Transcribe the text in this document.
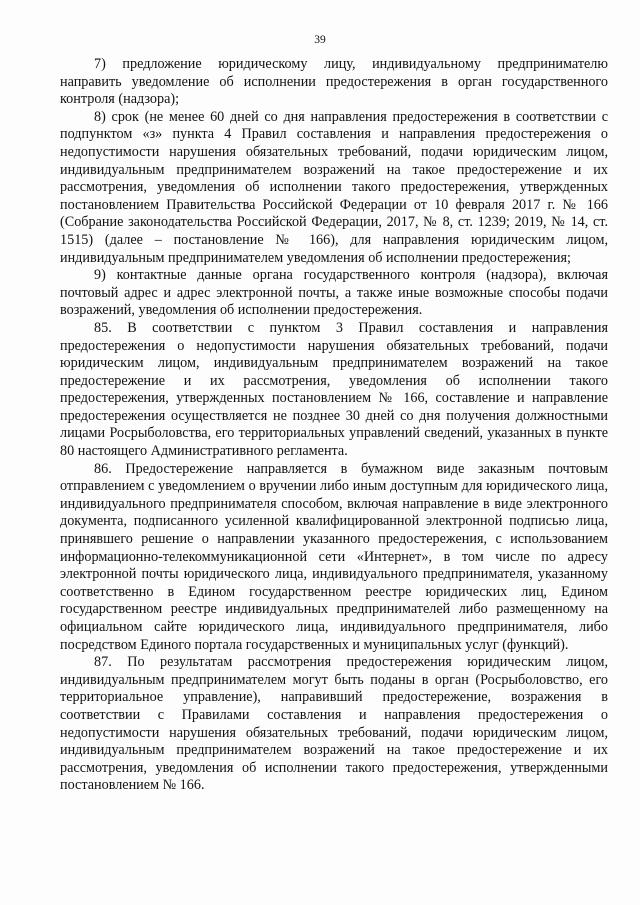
39

7) предложение юридическому лицу, индивидуальному предпринимателю направить уведомление об исполнении предостережения в орган государственного контроля (надзора);

8) срок (не менее 60 дней со дня направления предостережения в соответствии с подпунктом «з» пункта 4 Правил составления и направления предостережения о недопустимости нарушения обязательных требований, подачи юридическим лицом, индивидуальным предпринимателем возражений на такое предостережение и их рассмотрения, уведомления об исполнении такого предостережения, утвержденных постановлением Правительства Российской Федерации от 10 февраля 2017 г. № 166 (Собрание законодательства Российской Федерации, 2017, № 8, ст. 1239; 2019, № 14, ст. 1515) (далее – постановление № 166), для направления юридическим лицом, индивидуальным предпринимателем уведомления об исполнении предостережения;

9) контактные данные органа государственного контроля (надзора), включая почтовый адрес и адрес электронной почты, а также иные возможные способы подачи возражений, уведомления об исполнении предостережения.

85. В соответствии с пунктом 3 Правил составления и направления предостережения о недопустимости нарушения обязательных требований, подачи юридическим лицом, индивидуальным предпринимателем возражений на такое предостережение и их рассмотрения, уведомления об исполнении такого предостережения, утвержденных постановлением № 166, составление и направление предостережения осуществляется не позднее 30 дней со дня получения должностными лицами Росрыболовства, его территориальных управлений сведений, указанных в пункте 80 настоящего Административного регламента.

86. Предостережение направляется в бумажном виде заказным почтовым отправлением с уведомлением о вручении либо иным доступным для юридического лица, индивидуального предпринимателя способом, включая направление в виде электронного документа, подписанного усиленной квалифицированной электронной подписью лица, принявшего решение о направлении указанного предостережения, с использованием информационно-телекоммуникационной сети «Интернет», в том числе по адресу электронной почты юридического лица, индивидуального предпринимателя, указанному соответственно в Едином государственном реестре юридических лиц, Едином государственном реестре индивидуальных предпринимателей либо размещенному на официальном сайте юридического лица, индивидуального предпринимателя, либо посредством Единого портала государственных и муниципальных услуг (функций).

87. По результатам рассмотрения предостережения юридическим лицом, индивидуальным предпринимателем могут быть поданы в орган (Росрыболовство, его территориальное управление), направивший предостережение, возражения в соответствии с Правилами составления и направления предостережения о недопустимости нарушения обязательных требований, подачи юридическим лицом, индивидуальным предпринимателем возражений на такое предостережение и их рассмотрения, уведомления об исполнении такого предостережения, утвержденными постановлением № 166.
